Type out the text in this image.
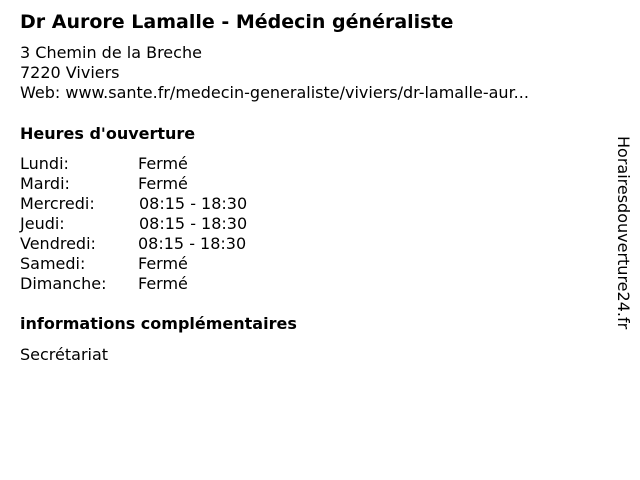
Dr Aurore Lamalle - Médecin généraliste
3 Chemin de la Breche
7220 Viviers
Web: www.sante.fr/medecin-generaliste/viviers/dr-lamalle-aur...
Heures d'ouverture
Lundi:	Fermé
Mardi:	Fermé
Mercredi:	08:15 - 18:30
Jeudi:	08:15 - 18:30
Vendredi:	08:15 - 18:30
Samedi:	Fermé
Dimanche: Fermé
informations complémentaires
Secrétariat
Horairesdouverture24.fr
